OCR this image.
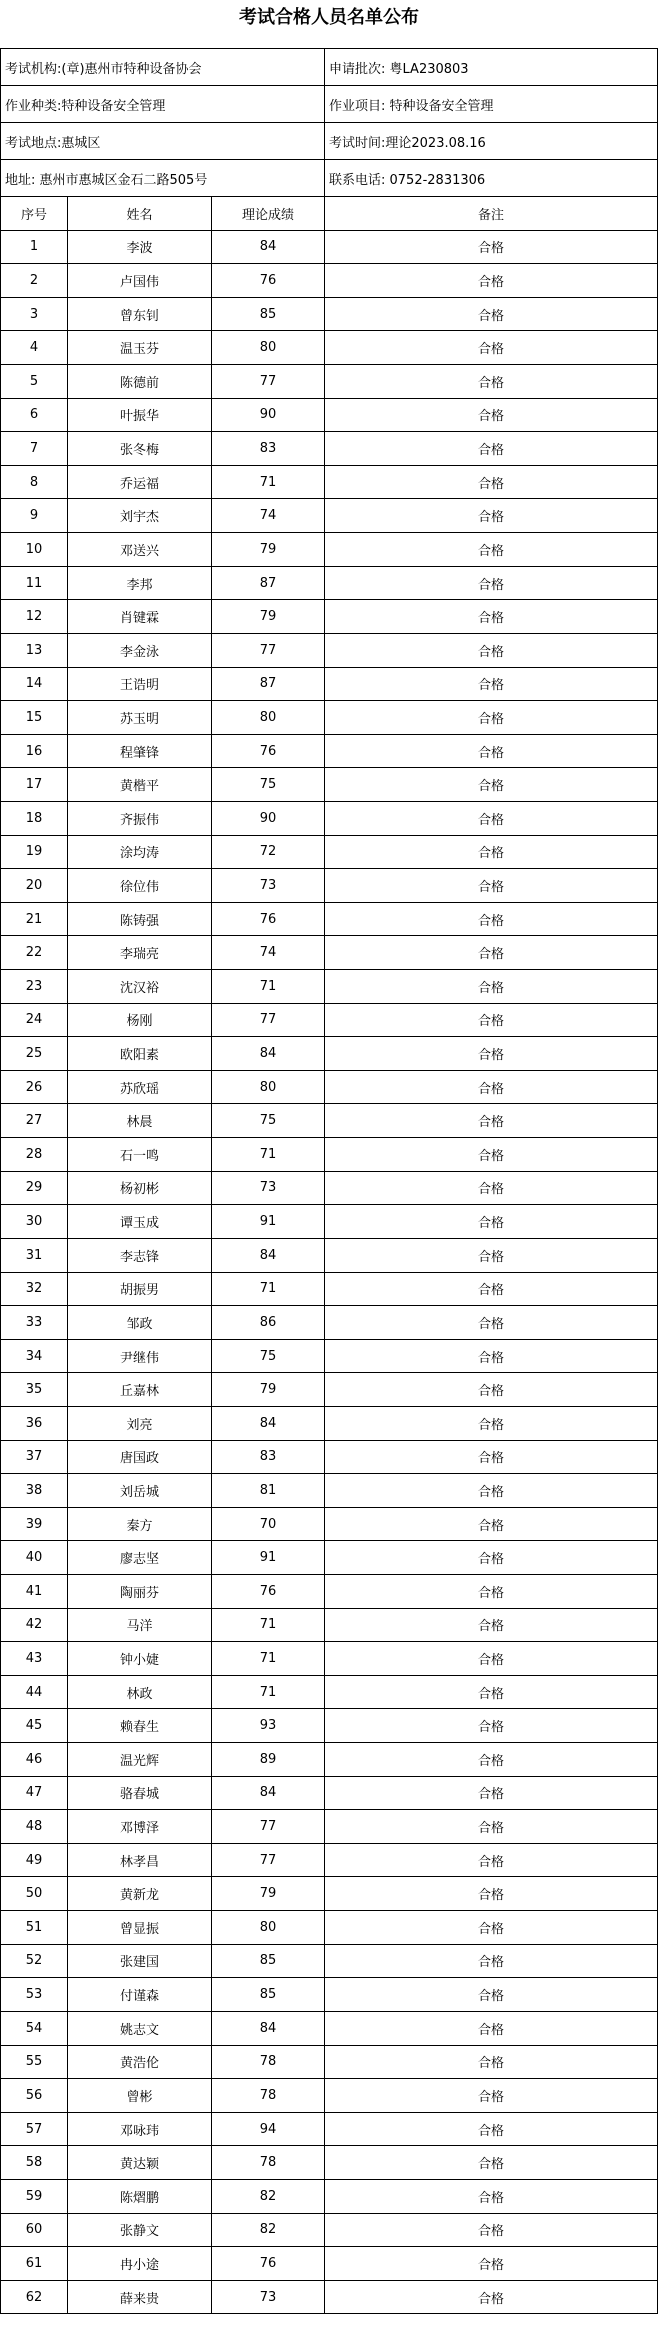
考试合格人员名单公布
考试机构:(章)惠州市特种设备协会	申请批次: 粤LA230803
作业种类:特种设备安全管理	作业项目: 特种设备安全管理
考试地点:惠城区	考试时间:理论2023.08.16
地址: 惠州市惠城区金石二路505号	联系电话: 0752-2831306
序号	姓名	理论成绩	备注
1	李波	84	合格
2	卢国伟	76	合格
3	曾东钊	85	合格
4	温玉芬	80	合格
5	陈德前	77	合格
6	叶振华	90	合格
7	张冬梅	83	合格
8	乔运福	71	合格
9	刘宇杰	74	合格
10	邓送兴	79	合格
11	李邦	87	合格
12	肖键霖	79	合格
13	李金泳	77	合格
14	王诰明	87	合格
15	苏玉明	80	合格
16	程肇锋	76	合格
17	黄楷平	75	合格
18	齐振伟	90	合格
19	涂均涛	72	合格
20	徐位伟	73	合格
21	陈铸强	76	合格
22	李瑞亮	74	合格
23	沈汉裕	71	合格
24	杨刚	77	合格
25	欧阳素	84	合格
26	苏欣瑶	80	合格
27	林晨	75	合格
28	石一鸣	71	合格
29	杨初彬	73	合格
30	谭玉成	91	合格
31	李志锋	84	合格
32	胡振男	71	合格
33	邹政	86	合格
34	尹继伟	75	合格
35	丘嘉林	79	合格
36	刘亮	84	合格
37	唐国政	83	合格
38	刘岳城	81	合格
39	秦方	70	合格
40	廖志坚	91	合格
41	陶丽芬	76	合格
42	马洋	71	合格
43	钟小婕	71	合格
44	林政	71	合格
45	赖春生	93	合格
46	温光辉	89	合格
47	骆春城	84	合格
48	邓博泽	77	合格
49	林孝昌	77	合格
50	黄新龙	79	合格
51	曾显振	80	合格
52	张建国	85	合格
53	付谨森	85	合格
54	姚志文	84	合格
55	黄浩伦	78	合格
56	曾彬	78	合格
57	邓咏玮	94	合格
58	黄达颖	78	合格
59	陈熠鹏	82	合格
60	张静文	82	合格
61	冉小途	76	合格
62	薛来贵	73	合格
